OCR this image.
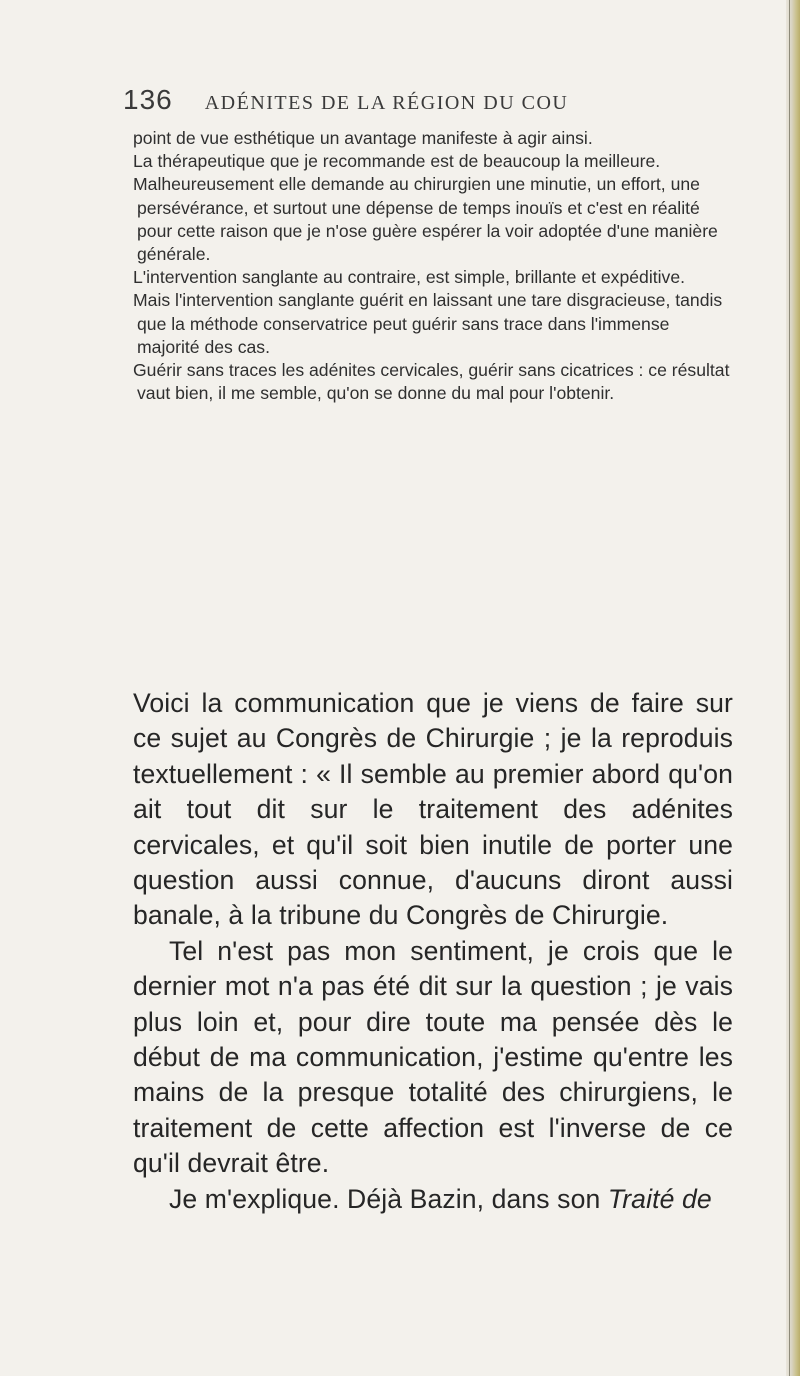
136 ADÉNITES DE LA RÉGION DU COU

point de vue esthétique un avantage manifeste à agir ainsi.

La thérapeutique que je recommande est de beaucoup la meilleure.

Malheureusement elle demande au chirurgien une minutie, un effort, une persévérance, et surtout une dépense de temps inouïs et c'est en réalité pour cette raison que je n'ose guère espérer la voir adoptée d'une manière générale.

L'intervention sanglante au contraire, est simple, brillante et expéditive.

Mais l'intervention sanglante guérit en laissant une tare disgracieuse, tandis que la méthode conservatrice peut guérir sans trace dans l'immense majorité des cas.

Guérir sans traces les adénites cervicales, guérir sans cicatrices : ce résultat vaut bien, il me semble, qu'on se donne du mal pour l'obtenir.

Voici la communication que je viens de faire sur ce sujet au Congrès de Chirurgie ; je la reproduis textuellement : « Il semble au premier abord qu'on ait tout dit sur le traitement des adénites cervicales, et qu'il soit bien inutile de porter une question aussi connue, d'aucuns diront aussi banale, à la tribune du Congrès de Chirurgie.

Tel n'est pas mon sentiment, je crois que le dernier mot n'a pas été dit sur la question ; je vais plus loin et, pour dire toute ma pensée dès le début de ma communication, j'estime qu'entre les mains de la presque totalité des chirurgiens, le traitement de cette affection est l'inverse de ce qu'il devrait être.

Je m'explique. Déjà Bazin, dans son Traité de
